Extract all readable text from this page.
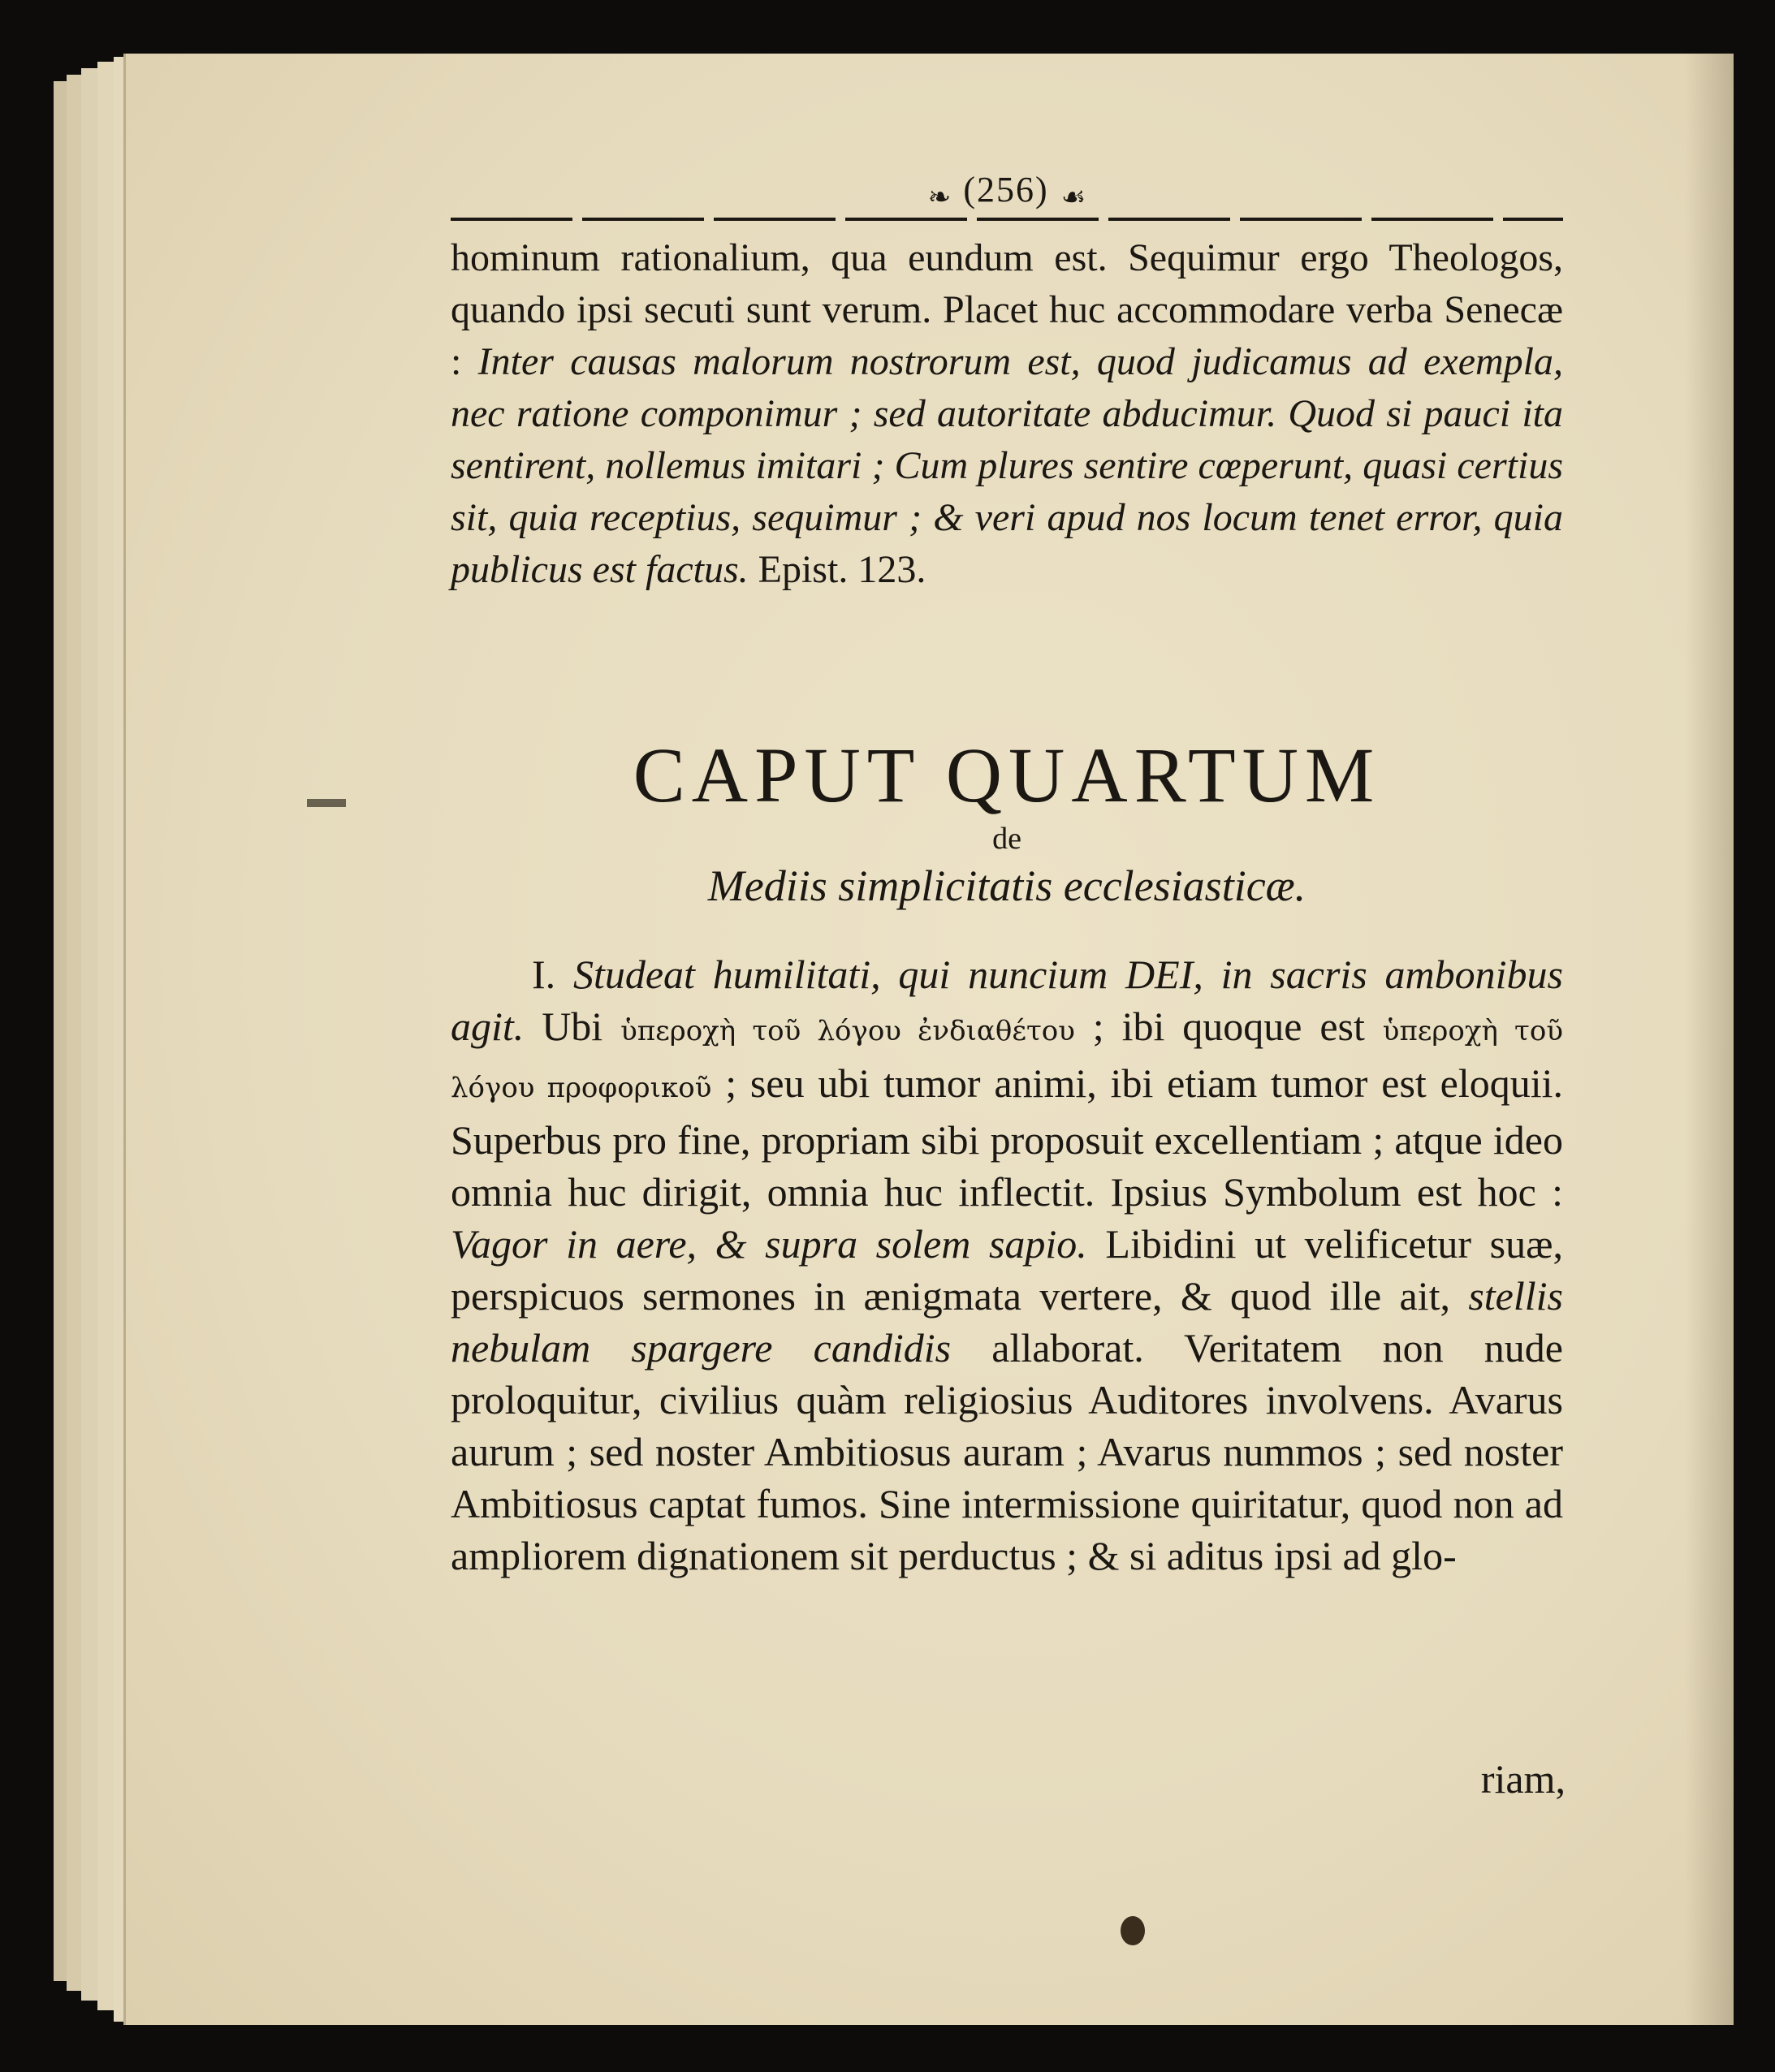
❧ (256) ☙

hominum rationalium, qua eundum est. Sequimur ergo Theologos, quando ipsi secuti sunt verum. Placet huc accommodare verba Senecæ : Inter causas malorum nostrorum est, quod judicamus ad exempla, nec ratione componimur ; sed autoritate abducimur. Quod si pauci ita sentirent, nollemus imitari ; Cum plures sentire cœperunt, quasi certius sit, quia receptius, sequimur ; & veri apud nos locum tenet error, quia publicus est factus. Epist. 123.

CAPUT QUARTUM
de
Mediis simplicitatis ecclesiasticæ.

I. Studeat humilitati, qui nuncium DEI, in sacris ambonibus agit. Ubi ὑπεροχὴ τοῦ λόγου ἐνδιαθέτου ; ibi quoque est ὑπεροχὴ τοῦ λόγου προφορικοῦ ; seu ubi tumor animi, ibi etiam tumor est eloquii. Superbus pro fine, propriam sibi proposuit excellentiam ; atque ideo omnia huc dirigit, omnia huc inflectit. Ipsius Symbolum est hoc : Vagor in aere, & supra solem sapio. Libidini ut velificetur suæ, perspicuos sermones in ænigmata vertere, & quod ille ait, stellis nebulam spargere candidis allaborat. Veritatem non nude proloquitur, civilius quàm religiosius Auditores involvens. Avarus aurum ; sed noster Ambitiosus auram ; Avarus nummos ; sed noster Ambitiosus captat fumos. Sine intermissione quiritatur, quod non ad ampliorem dignationem sit perductus ; & si aditus ipsi ad glo-

riam,
